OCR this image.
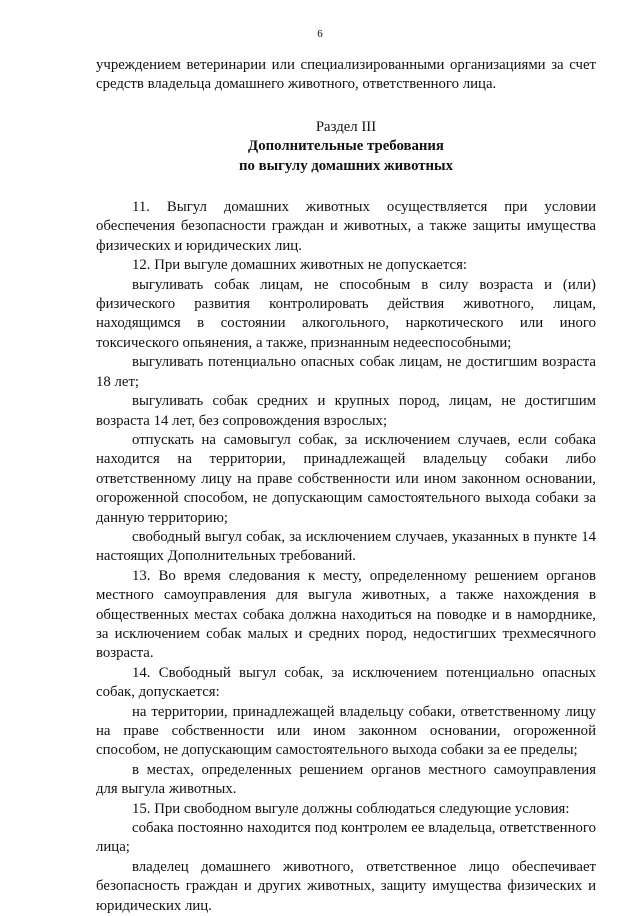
6

учреждением ветеринарии или специализированными организациями за счет средств владельца домашнего животного, ответственного лица.

Раздел III
Дополнительные требования
по выгулу домашних животных

11. Выгул домашних животных осуществляется при условии обеспечения безопасности граждан и животных, а также защиты имущества физических и юридических лиц.

12. При выгуле домашних животных не допускается:

выгуливать собак лицам, не способным в силу возраста и (или) физического развития контролировать действия животного, лицам, находящимся в состоянии алкогольного, наркотического или иного токсического опьянения, а также, признанным недееспособными;

выгуливать потенциально опасных собак лицам, не достигшим возраста 18 лет;

выгуливать собак средних и крупных пород, лицам, не достигшим возраста 14 лет, без сопровождения взрослых;

отпускать на самовыгул собак, за исключением случаев, если собака находится на территории, принадлежащей владельцу собаки либо ответственному лицу на праве собственности или ином законном основании, огороженной способом, не допускающим самостоятельного выхода собаки за данную территорию;

свободный выгул собак, за исключением случаев, указанных в пункте 14 настоящих Дополнительных требований.

13. Во время следования к месту, определенному решением органов местного самоуправления для выгула животных, а также нахождения в общественных местах собака должна находиться на поводке и в наморднике, за исключением собак малых и средних пород, недостигших трехмесячного возраста.

14. Свободный выгул собак, за исключением потенциально опасных собак, допускается:

на территории, принадлежащей владельцу собаки, ответственному лицу на праве собственности или ином законном основании, огороженной способом, не допускающим самостоятельного выхода собаки за ее пределы;

в местах, определенных решением органов местного самоуправления для выгула животных.

15. При свободном выгуле должны соблюдаться следующие условия:

собака постоянно находится под контролем ее владельца, ответственного лица;

владелец домашнего животного, ответственное лицо обеспечивает безопасность граждан и других животных, защиту имущества физических и юридических лиц.
